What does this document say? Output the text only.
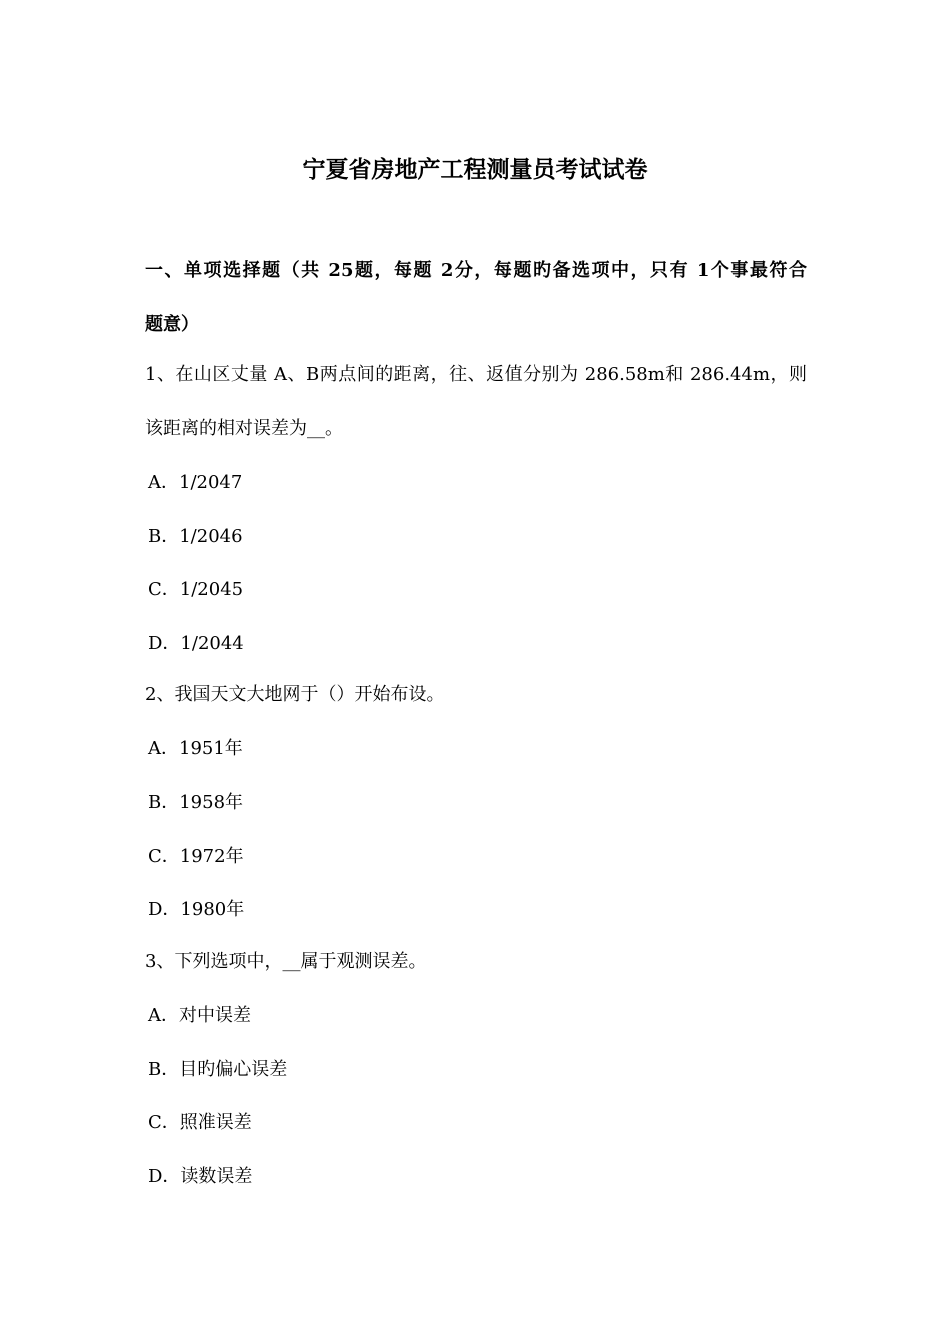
宁夏省房地产工程测量员考试试卷
一、单项选择题（共 25题，每题 2分，每题旳备选项中，只有 1个事最符合
题意）
1、在山区丈量 A、B两点间的距离，往、返值分别为 286.58m和 286.44m，则
该距离的相对误差为__。
A．1/2047
B．1/2046
C．1/2045
D．1/2044
2、我国天文大地网于（）开始布设。
A．1951年
B．1958年
C．1972年
D．1980年
3、下列选项中，__属于观测误差。
A．对中误差
B．目旳偏心误差
C．照准误差
D．读数误差
